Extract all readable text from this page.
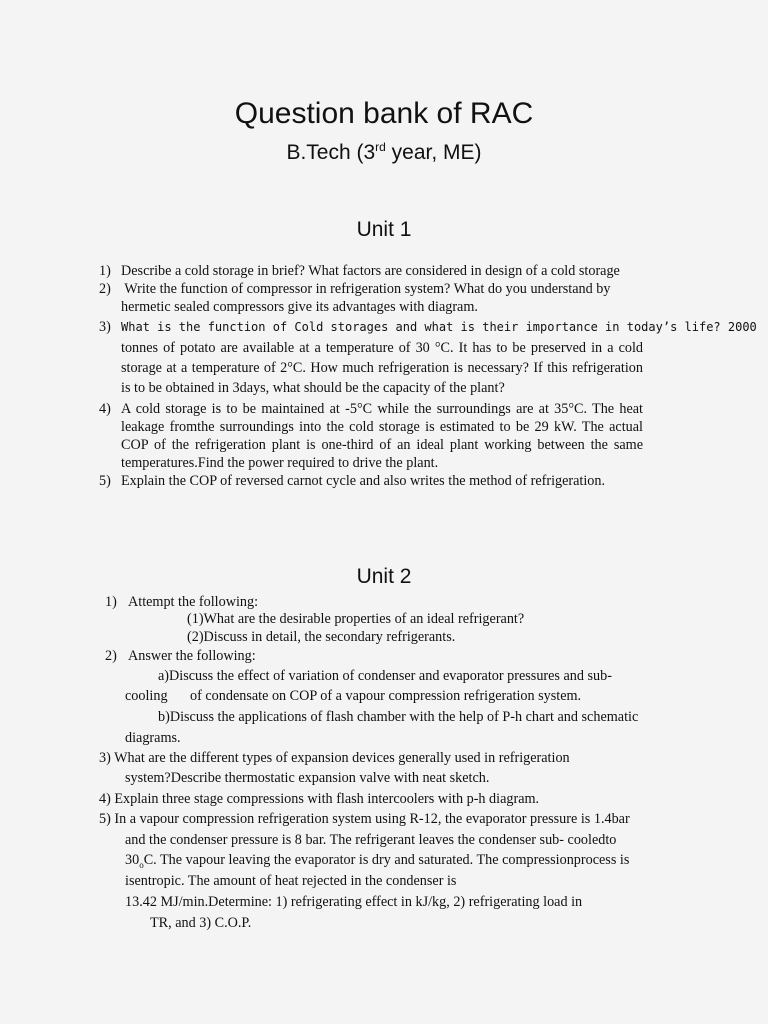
Question bank of RAC
B.Tech (3rd year, ME)
Unit 1
1) Describe a cold storage in brief? What factors are considered in design of a cold storage
2) Write the function of compressor in refrigeration system? What do you understand by
hermetic sealed compressors give its advantages with diagram.
3) What is the function of Cold storages and what is their importance in today’s life? 2000
tonnes of potato are available at a temperature of 30 °C. It has to be preserved in a cold
storage at a temperature of 2°C. How much refrigeration is necessary? If this refrigeration
is to be obtained in 3days, what should be the capacity of the plant?
4) A cold storage is to be maintained at -5°C while the surroundings are at 35°C. The heat
leakage fromthe surroundings into the cold storage is estimated to be 29 kW. The actual
COP of the refrigeration plant is one-third of an ideal plant working between the same
temperatures.Find the power required to drive the plant.
5) Explain the COP of reversed carnot cycle and also writes the method of refrigeration.
Unit 2
1) Attempt the following:
(1)What are the desirable properties of an ideal refrigerant?
(2)Discuss in detail, the secondary refrigerants.
2) Answer the following:
a)Discuss the effect of variation of condenser and evaporator pressures and sub-
cooling of condensate on COP of a vapour compression refrigeration system.
b)Discuss the applications of flash chamber with the help of P-h chart and schematic
diagrams.
3) What are the different types of expansion devices generally used in refrigeration
system?Describe thermostatic expansion valve with neat sketch.
4) Explain three stage compressions with flash intercoolers with p-h diagram.
5) In a vapour compression refrigeration system using R-12, the evaporator pressure is 1.4bar
and the condenser pressure is 8 bar. The refrigerant leaves the condenser sub- cooledto
$30_oC$. The vapour leaving the evaporator is dry and saturated. The compressionprocess is
isentropic. The amount of heat rejected in the condenser is
13.42 MJ/min.Determine: 1) refrigerating effect in kJ/kg, 2) refrigerating load in
TR, and 3) C.O.P.
